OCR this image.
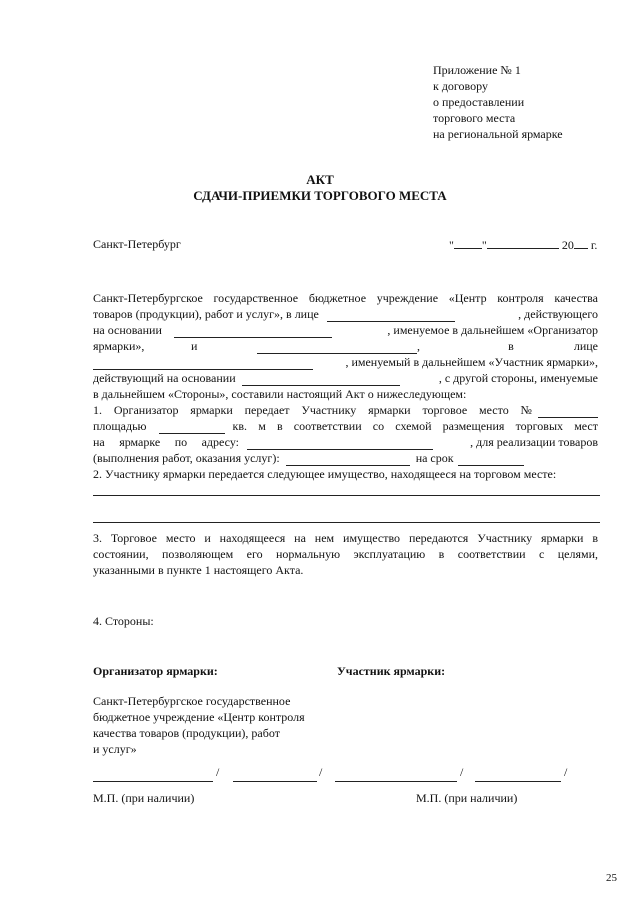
Приложение № 1
к договору
о предоставлении
торгового места
на региональной ярмарке
АКТ
СДАЧИ-ПРИЕМКИ ТОРГОВОГО МЕСТА
Санкт-Петербург	" "	20 г.
Санкт-Петербургское государственное бюджетное учреждение «Центр контроля качества
товаров (продукции), работ и услуг», в лице	, действующего
на основании	, именуемое в дальнейшем «Организатор
ярмарки»,	и	,	в	лице
, именуемый в дальнейшем «Участник ярмарки»,
действующий на основании	, с другой стороны, именуемые
в дальнейшем «Стороны», составили настоящий Акт о нижеследующем:
1. Организатор ярмарки передает Участнику ярмарки торговое место №
площадью	кв. м в соответствии со схемой размещения торговых мест
на ярмарке по адресу:	, для реализации товаров
(выполнения работ, оказания услуг):	на срок
2. Участнику ярмарки передается следующее имущество, находящееся на торговом месте:
3. Торговое место и находящееся на нем имущество передаются Участнику ярмарки в
состоянии, позволяющем его нормальную эксплуатацию в соответствии с целями,
указанными в пункте 1 настоящего Акта.
4. Стороны:
Организатор ярмарки:	Участник ярмарки:
Санкт-Петербургское государственное
бюджетное учреждение «Центр контроля
качества товаров (продукции), работ
и услуг»
/	/	/	/
М.П. (при наличии)	М.П. (при наличии)
25
